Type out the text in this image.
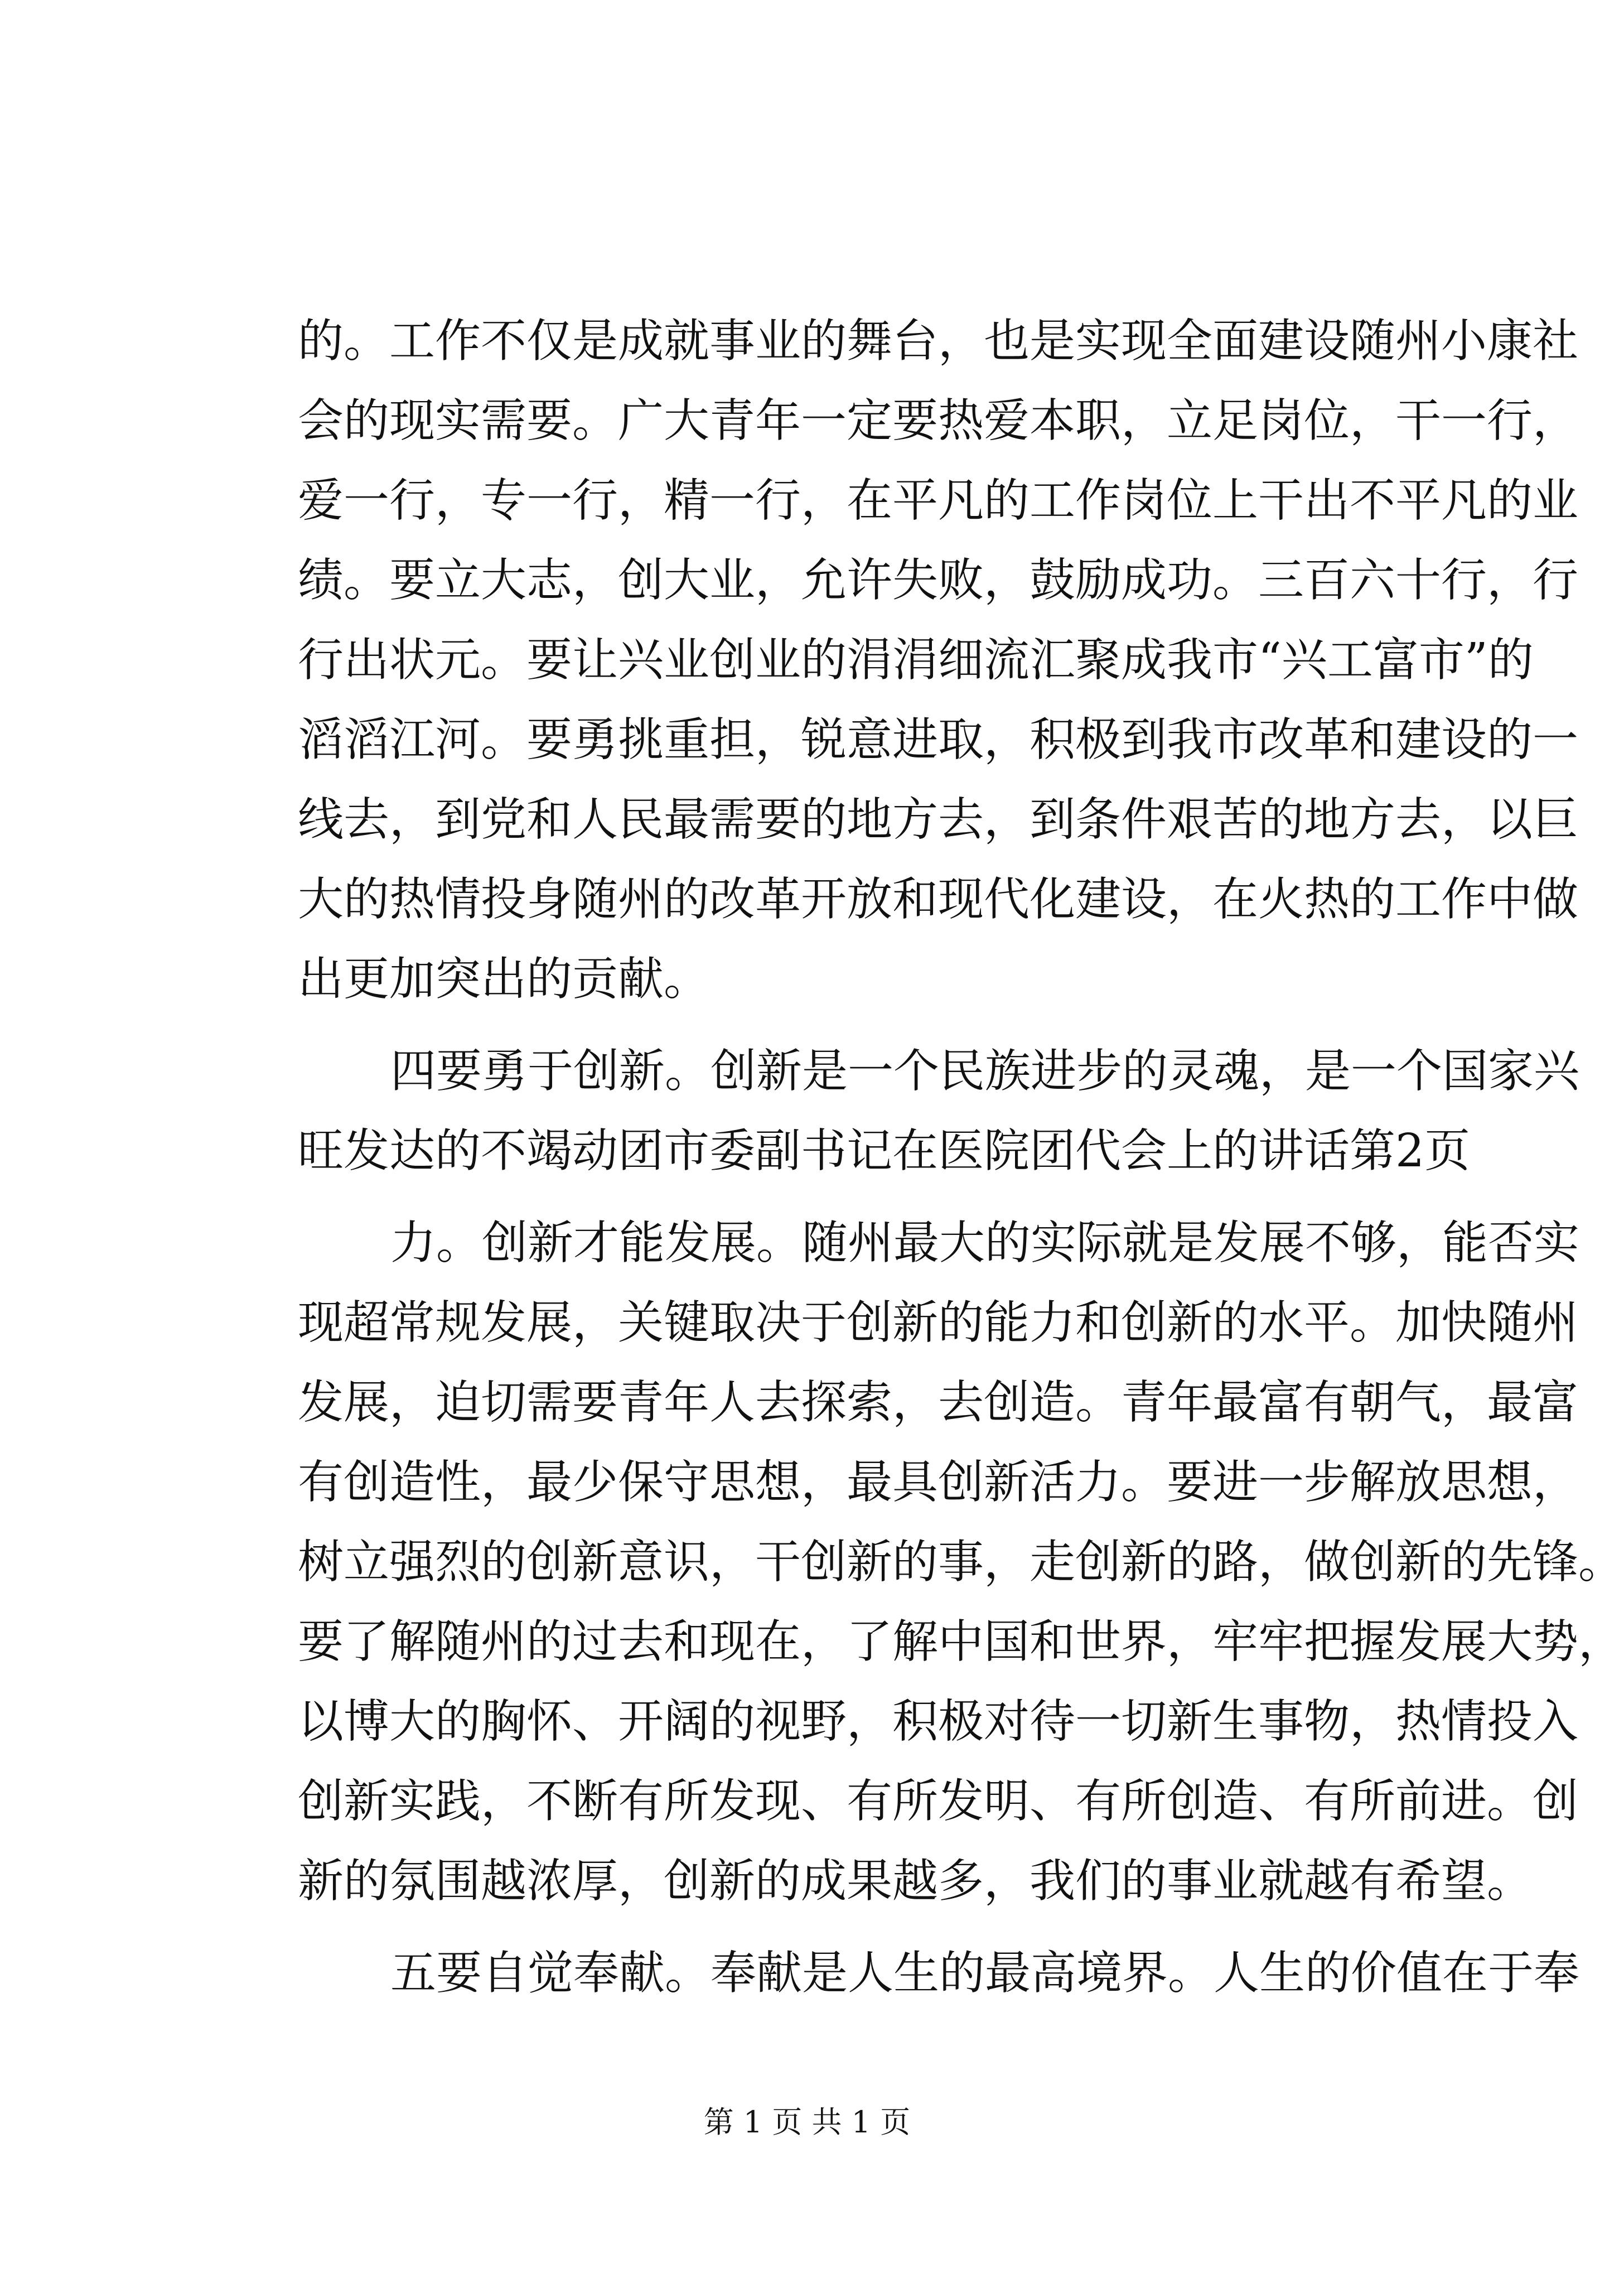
的。工作不仅是成就事业的舞台，也是实现全面建设随州小康社
会的现实需要。广大青年一定要热爱本职，立足岗位，干一行，
爱一行，专一行，精一行，在平凡的工作岗位上干出不平凡的业
绩。要立大志，创大业，允许失败，鼓励成功。三百六十行，行
行出状元。要让兴业创业的涓涓细流汇聚成我市“兴工富市”的
滔滔江河。要勇挑重担，锐意进取，积极到我市改革和建设的一
线去，到党和人民最需要的地方去，到条件艰苦的地方去，以巨
大的热情投身随州的改革开放和现代化建设，在火热的工作中做
出更加突出的贡献。
四要勇于创新。创新是一个民族进步的灵魂，是一个国家兴
旺发达的不竭动团市委副书记在医院团代会上的讲话第2页
力。创新才能发展。随州最大的实际就是发展不够，能否实
现超常规发展，关键取决于创新的能力和创新的水平。加快随州
发展，迫切需要青年人去探索，去创造。青年最富有朝气，最富
有创造性，最少保守思想，最具创新活力。要进一步解放思想，
树立强烈的创新意识，干创新的事，走创新的路，做创新的先锋。
要了解随州的过去和现在，了解中国和世界，牢牢把握发展大势，
以博大的胸怀、开阔的视野，积极对待一切新生事物，热情投入
创新实践，不断有所发现、有所发明、有所创造、有所前进。创
新的氛围越浓厚，创新的成果越多，我们的事业就越有希望。
五要自觉奉献。奉献是人生的最高境界。人生的价值在于奉
第 1 页 共 1 页
